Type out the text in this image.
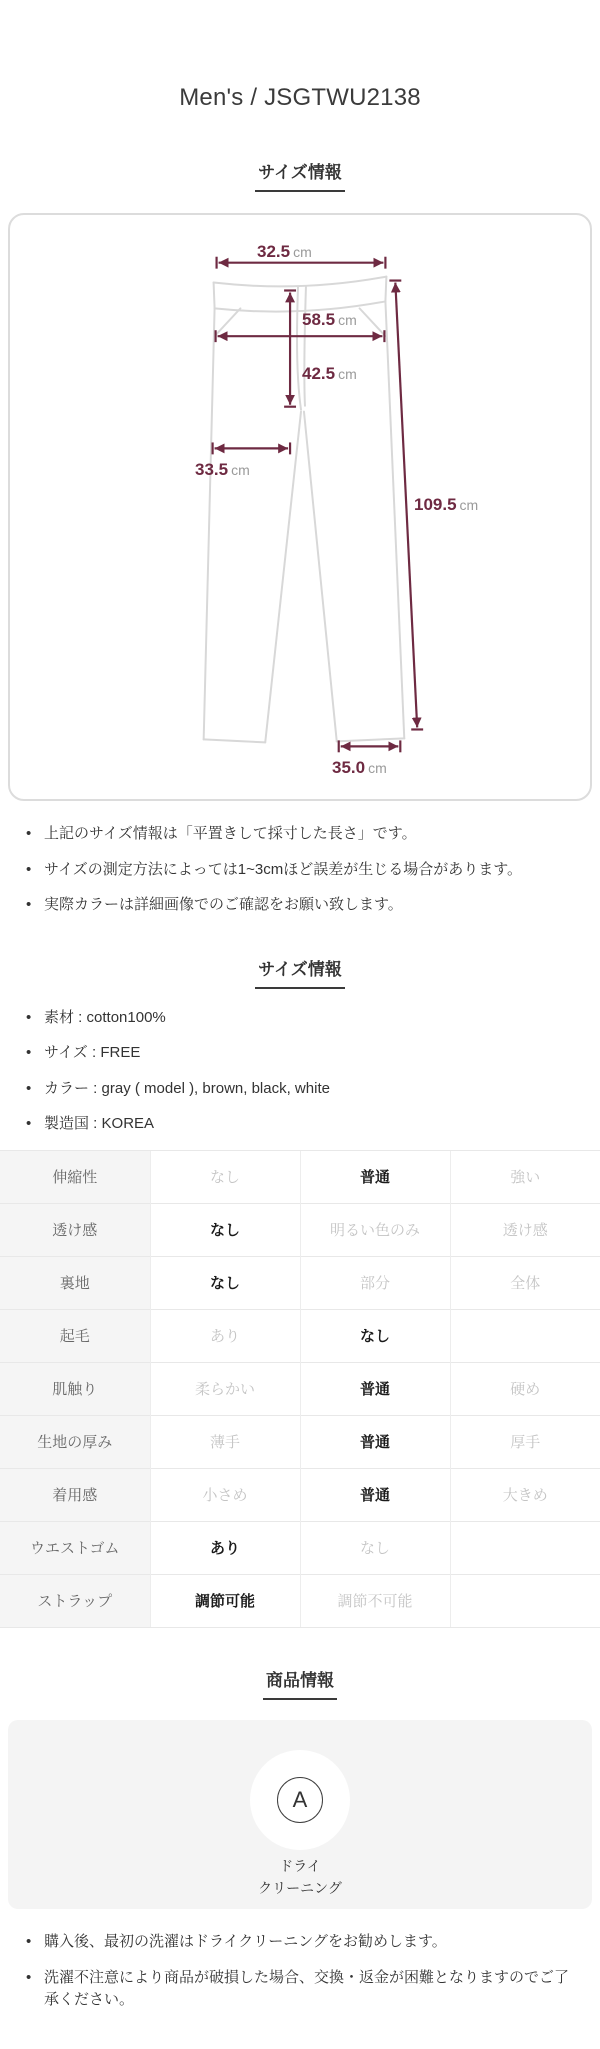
Men's / JSGTWU2138
サイズ情報
32.5 cm
58.5 cm
42.5 cm
33.5 cm
109.5 cm
35.0 cm
• 上記のサイズ情報は「平置きして採寸した長さ」です。
• サイズの測定方法によっては1~3cmほど誤差が生じる場合があります。
• 実際カラーは詳細画像でのご確認をお願い致します。
サイズ情報
• 素材 : cotton100%
• サイズ : FREE
• カラー : gray ( model ), brown, black, white
• 製造国 : KOREA
伸縮性	なし	普通	強い
透け感	なし	明るい色のみ	透け感
裏地	なし	部分	全体
起毛	あり	なし	
肌触り	柔らかい	普通	硬め
生地の厚み	薄手	普通	厚手
着用感	小さめ	普通	大きめ
ウエストゴム	あり	なし	
ストラップ	調節可能	調節不可能	
商品情報
A
ドライ
クリーニング
• 購入後、最初の洗濯はドライクリーニングをお勧めします。
• 洗濯不注意により商品が破損した場合、交換・返金が困難となりますのでご了承ください。
